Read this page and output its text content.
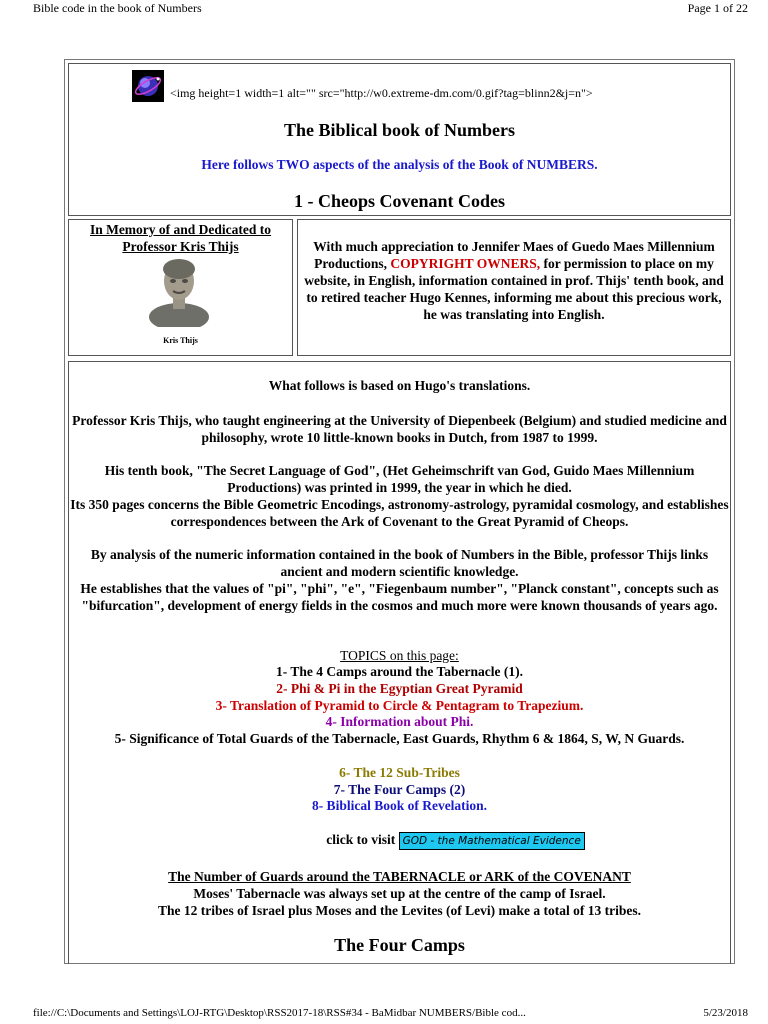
Bible code in the book of Numbers	Page 1 of 22
<img height=1 width=1 alt="" src="http://w0.extreme-dm.com/0.gif?tag=blinn2&j=n">
The Biblical book of Numbers
Here follows TWO aspects of the analysis of the Book of NUMBERS.
1 - Cheops Covenant Codes
In Memory of and Dedicated to
Professor Kris Thijs
Kris Thijs
With much appreciation to Jennifer Maes of Guedo Maes Millennium Productions, COPYRIGHT OWNERS, for permission to place on my website, in English, information contained in prof. Thijs' tenth book, and to retired teacher Hugo Kennes, informing me about this precious work, he was translating into English.
What follows is based on Hugo's translations.
Professor Kris Thijs, who taught engineering at the University of Diepenbeek (Belgium) and studied medicine and philosophy, wrote 10 little-known books in Dutch, from 1987 to 1999.
His tenth book, "The Secret Language of God", (Het Geheimschrift van God, Guido Maes Millennium Productions) was printed in 1999, the year in which he died.
Its 350 pages concerns the Bible Geometric Encodings, astronomy-astrology, pyramidal cosmology, and establishes correspondences between the Ark of Covenant to the Great Pyramid of Cheops.
By analysis of the numeric information contained in the book of Numbers in the Bible, professor Thijs links ancient and modern scientific knowledge.
He establishes that the values of "pi", "phi", "e", "Fiegenbaum number", "Planck constant", concepts such as "bifurcation", development of energy fields in the cosmos and much more were known thousands of years ago.
TOPICS on this page:
1- The 4 Camps around the Tabernacle (1).
2- Phi & Pi in the Egyptian Great Pyramid
3- Translation of Pyramid to Circle & Pentagram to Trapezium.
4- Information about Phi.
5- Significance of Total Guards of the Tabernacle, East Guards, Rhythm 6 & 1864, S, W, N Guards.
6- The 12 Sub-Tribes
7- The Four Camps (2)
8- Biblical Book of Revelation.
click to visit GOD - the Mathematical Evidence
The Number of Guards around the TABERNACLE or ARK of the COVENANT
Moses' Tabernacle was always set up at the centre of the camp of Israel.
The 12 tribes of Israel plus Moses and the Levites (of Levi) make a total of 13 tribes.
The Four Camps
file://C:\Documents and Settings\LOJ-RTG\Desktop\RSS2017-18\RSS#34 - BaMidbar NUMBERS/Bible cod...	5/23/2018
